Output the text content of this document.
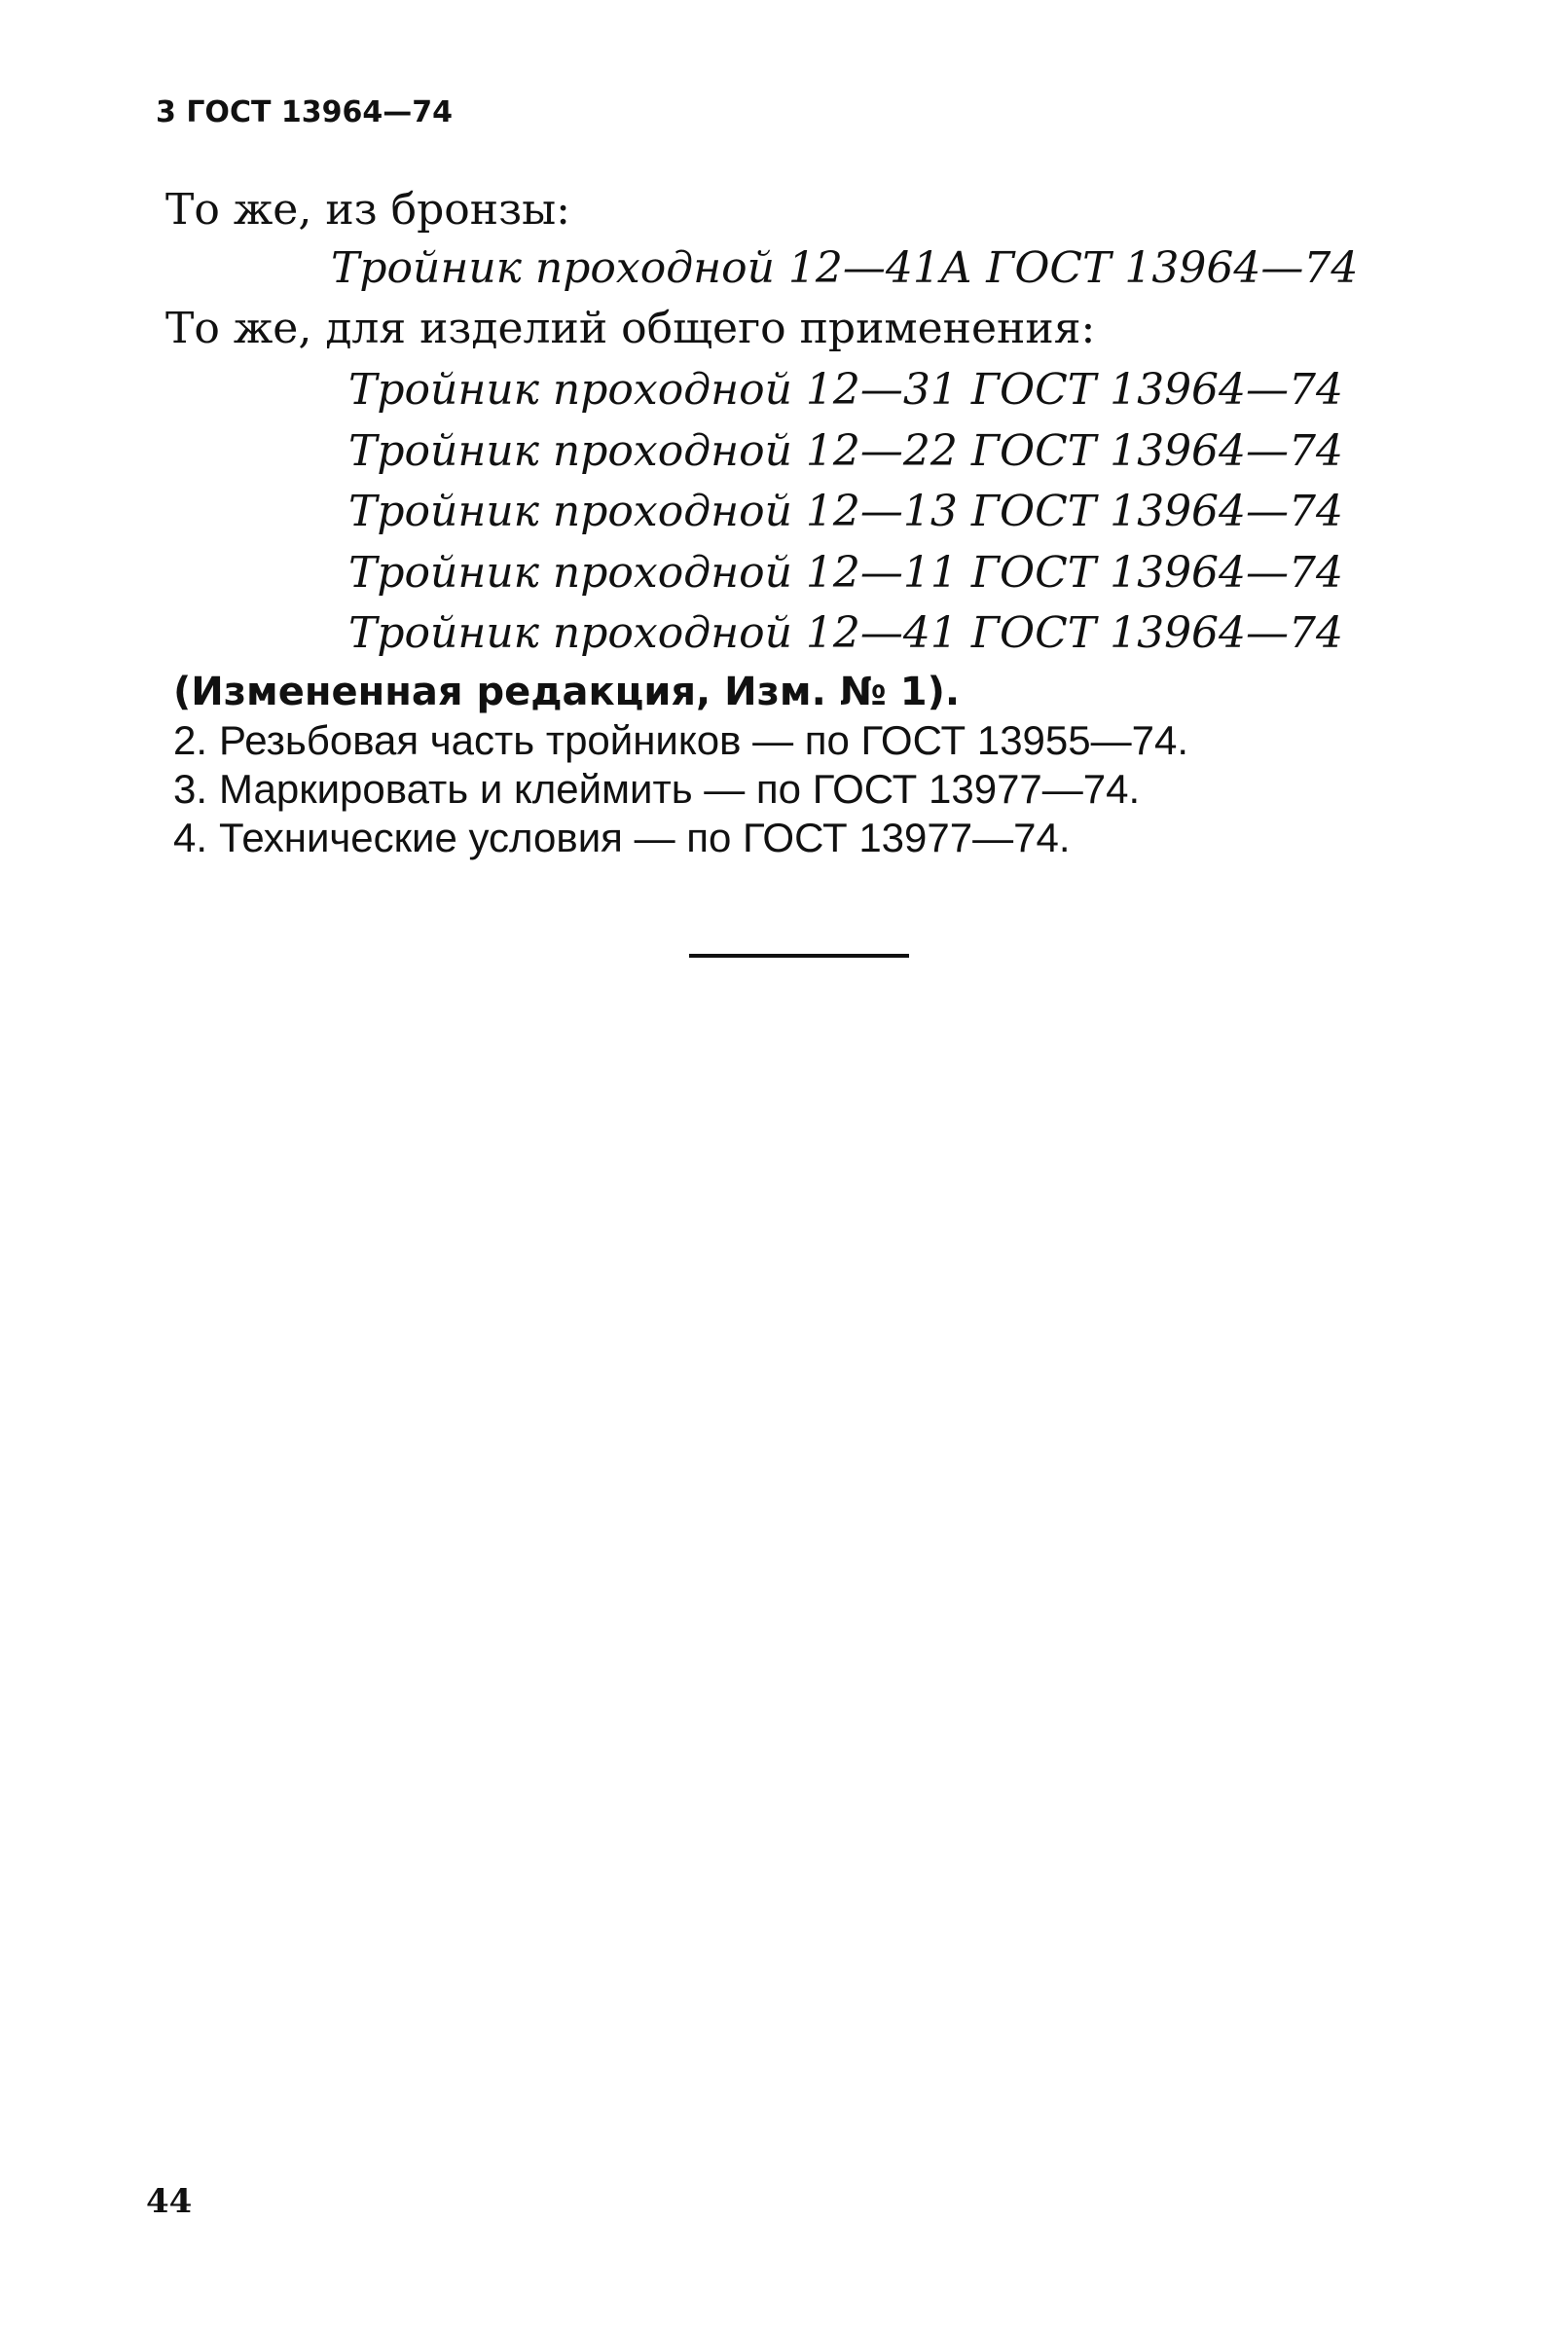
3 ГОСТ 13964—74
То же, из бронзы:
Тройник проходной 12—41А ГОСТ 13964—74
То же, для изделий общего применения:
Тройник проходной 12—31 ГОСТ 13964—74
Тройник проходной 12—22 ГОСТ 13964—74
Тройник проходной 12—13 ГОСТ 13964—74
Тройник проходной 12—11 ГОСТ 13964—74
Тройник проходной 12—41 ГОСТ 13964—74
(Измененная редакция, Изм. № 1).
2. Резьбовая часть тройников — по ГОСТ 13955—74.
3. Маркировать и клеймить — по ГОСТ 13977—74.
4. Технические условия — по ГОСТ 13977—74.
44
